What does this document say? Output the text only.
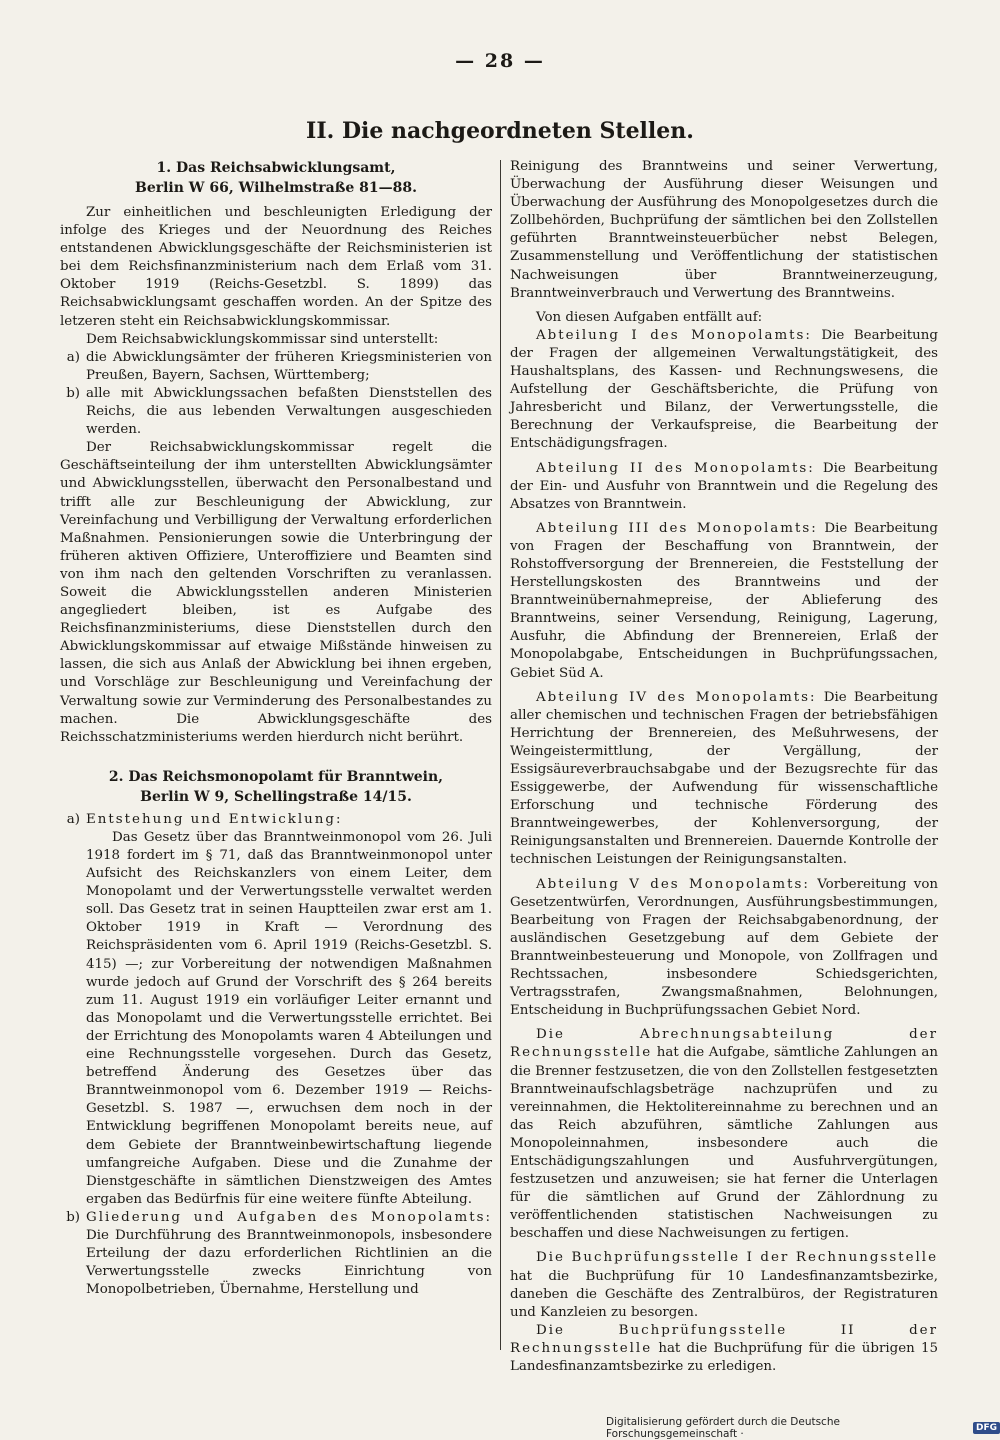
— 28 —
II. Die nachgeordneten Stellen.
1. Das Reichsabwicklungsamt,
Berlin W 66, Wilhelmstraße 81—88.

Zur einheitlichen und beschleunigten Erledigung der infolge des Krieges und der Neuordnung des Reiches entstandenen Abwicklungsgeschäfte der Reichsministerien ist bei dem Reichsfinanzministerium nach dem Erlaß vom 31. Oktober 1919 (Reichs-Gesetzbl. S. 1899) das Reichsabwicklungsamt geschaffen worden. An der Spitze des letzeren steht ein Reichsabwicklungskommissar.

Dem Reichsabwicklungskommissar sind unterstellt:

a) die Abwicklungsämter der früheren Kriegsministerien von Preußen, Bayern, Sachsen, Württemberg;
b) alle mit Abwicklungssachen befaßten Dienststellen des Reichs, die aus lebenden Verwaltungen ausgeschieden werden.

Der Reichsabwicklungskommissar regelt die Geschäftseinteilung der ihm unterstellten Abwicklungsämter und Abwicklungsstellen, überwacht den Personalbestand und trifft alle zur Beschleunigung der Abwicklung, zur Vereinfachung und Verbilligung der Verwaltung erforderlichen Maßnahmen. Pensionierungen sowie die Unterbringung der früheren aktiven Offiziere, Unteroffiziere und Beamten sind von ihm nach den geltenden Vorschriften zu veranlassen. Soweit die Abwicklungsstellen anderen Ministerien angegliedert bleiben, ist es Aufgabe des Reichsfinanzministeriums, diese Dienststellen durch den Abwicklungskommissar auf etwaige Mißstände hinweisen zu lassen, die sich aus Anlaß der Abwicklung bei ihnen ergeben, und Vorschläge zur Beschleunigung und Vereinfachung der Verwaltung sowie zur Verminderung des Personalbestandes zu machen. Die Abwicklungsgeschäfte des Reichsschatzministeriums werden hierdurch nicht berührt.

2. Das Reichsmonopolamt für Branntwein,
Berlin W 9, Schellingstraße 14/15.
a) Entstehung und Entwicklung:

Das Gesetz über das Branntweinmonopol vom 26. Juli 1918 fordert im § 71, daß das Branntweinmonopol unter Aufsicht des Reichskanzlers von einem Leiter, dem Monopolamt und der Verwertungsstelle verwaltet werden soll. Das Gesetz trat in seinen Hauptteilen zwar erst am 1. Oktober 1919 in Kraft — Verordnung des Reichspräsidenten vom 6. April 1919 (Reichs-Gesetzbl. S. 415) —; zur Vorbereitung der notwendigen Maßnahmen wurde jedoch auf Grund der Vorschrift des § 264 bereits zum 11. August 1919 ein vorläufiger Leiter ernannt und das Monopolamt und die Verwertungsstelle errichtet. Bei der Errichtung des Monopolamts waren 4 Abteilungen und eine Rechnungsstelle vorgesehen. Durch das Gesetz, betreffend Änderung des Gesetzes über das Branntweinmonopol vom 6. Dezember 1919 — Reichs-Gesetzbl. S. 1987 —, erwuchsen dem noch in der Entwicklung begriffenen Monopolamt bereits neue, auf dem Gebiete der Branntweinbewirtschaftung liegende umfangreiche Aufgaben. Diese und die Zunahme der Dienstgeschäfte in sämtlichen Dienstzweigen des Amtes ergaben das Bedürfnis für eine weitere fünfte Abteilung.

b) Gliederung und Aufgaben des Monopolamts: Die Durchführung des Branntweinmonopols, insbesondere Erteilung der dazu erforderlichen Richtlinien an die Verwertungsstelle zwecks Einrichtung von Monopolbetrieben, Übernahme, Herstellung und

Reinigung des Branntweins und seiner Verwertung, Überwachung der Ausführung dieser Weisungen und Überwachung der Ausführung des Monopolgesetzes durch die Zollbehörden, Buchprüfung der sämtlichen bei den Zollstellen geführten Branntweinsteuerbücher nebst Belegen, Zusammenstellung und Veröffentlichung der statistischen Nachweisungen über Branntweinerzeugung, Branntweinverbrauch und Verwertung des Branntweins.

Von diesen Aufgaben entfällt auf:

Abteilung I des Monopolamts: Die Bearbeitung der Fragen der allgemeinen Verwaltungstätigkeit, des Haushaltsplans, des Kassen- und Rechnungswesens, die Aufstellung der Geschäftsberichte, die Prüfung von Jahresbericht und Bilanz, der Verwertungsstelle, die Berechnung der Verkaufspreise, die Bearbeitung der Entschädigungsfragen.

Abteilung II des Monopolamts: Die Bearbeitung der Ein- und Ausfuhr von Branntwein und die Regelung des Absatzes von Branntwein.

Abteilung III des Monopolamts: Die Bearbeitung von Fragen der Beschaffung von Branntwein, der Rohstoffversorgung der Brennereien, die Feststellung der Herstellungskosten des Branntweins und der Branntweinübernahmepreise, der Ablieferung des Branntweins, seiner Versendung, Reinigung, Lagerung, Ausfuhr, die Abfindung der Brennereien, Erlaß der Monopolabgabe, Entscheidungen in Buchprüfungssachen, Gebiet Süd A.

Abteilung IV des Monopolamts: Die Bearbeitung aller chemischen und technischen Fragen der betriebsfähigen Herrichtung der Brennereien, des Meßuhrwesens, der Weingeistermittlung, der Vergällung, der Essigsäureverbrauchsabgabe und der Bezugsrechte für das Essiggewerbe, der Aufwendung für wissenschaftliche Erforschung und technische Förderung des Branntweingewerbes, der Kohlenversorgung, der Reinigungsanstalten und Brennereien. Dauernde Kontrolle der technischen Leistungen der Reinigungsanstalten.

Abteilung V des Monopolamts: Vorbereitung von Gesetzentwürfen, Verordnungen, Ausführungsbestimmungen, Bearbeitung von Fragen der Reichsabgabenordnung, der ausländischen Gesetzgebung auf dem Gebiete der Branntweinbesteuerung und Monopole, von Zollfragen und Rechtssachen, insbesondere Schiedsgerichten, Vertragsstrafen, Zwangsmaßnahmen, Belohnungen, Entscheidung in Buchprüfungssachen Gebiet Nord.

Die Abrechnungsabteilung der Rechnungsstelle hat die Aufgabe, sämtliche Zahlungen an die Brenner festzusetzen, die von den Zollstellen festgesetzten Branntweinaufschlagsbeträge nachzuprüfen und zu vereinnahmen, die Hektolitereinnahme zu berechnen und an das Reich abzuführen, sämtliche Zahlungen aus Monopoleinnahmen, insbesondere auch die Entschädigungszahlungen und Ausfuhrvergütungen, festzusetzen und anzuweisen; sie hat ferner die Unterlagen für die sämtlichen auf Grund der Zählordnung zu veröffentlichenden statistischen Nachweisungen zu beschaffen und diese Nachweisungen zu fertigen.

Die Buchprüfungsstelle I der Rechnungsstelle hat die Buchprüfung für 10 Landesfinanzamtsbezirke, daneben die Geschäfte des Zentralbüros, der Registraturen und Kanzleien zu besorgen.

Die Buchprüfungsstelle II der Rechnungsstelle hat die Buchprüfung für die übrigen 15 Landesfinanzamtsbezirke zu erledigen.

Digitalisierung gefördert durch die Deutsche Forschungsgemeinschaft ·	DFG
